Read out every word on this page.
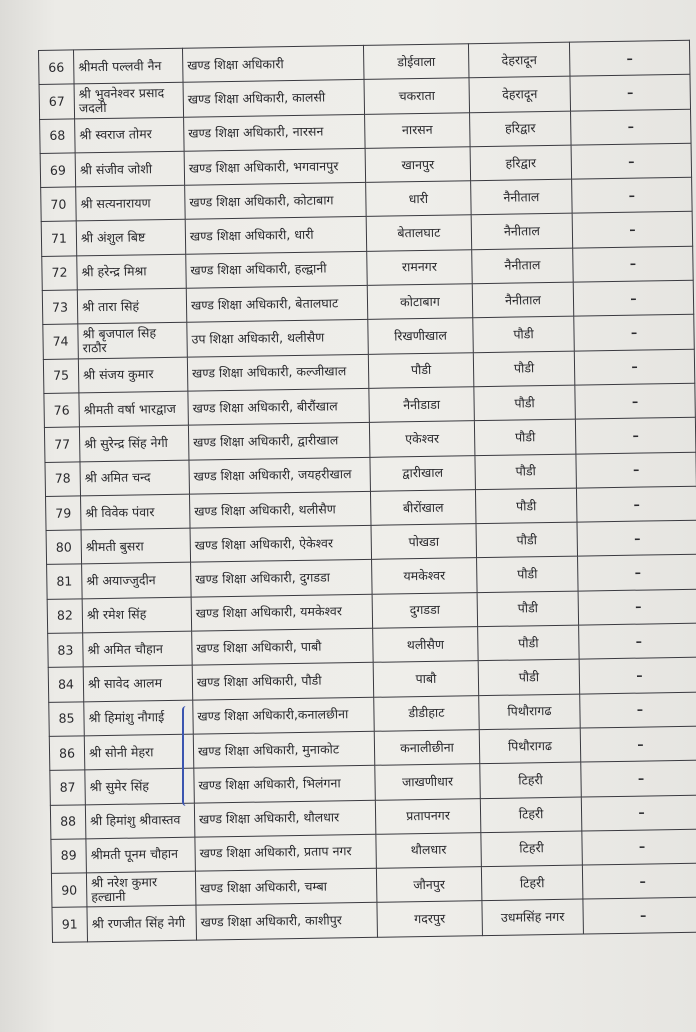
66	श्रीमती पल्लवी नैन	खण्ड शिक्षा अधिकारी	डोईवाला	देहरादून	–
67	श्री भुवनेश्वर प्रसाद जदली	खण्ड शिक्षा अधिकारी, कालसी	चकराता	देहरादून	–
68	श्री स्वराज तोमर	खण्ड शिक्षा अधिकारी, नारसन	नारसन	हरिद्वार	–
69	श्री संजीव जोशी	खण्ड शिक्षा अधिकारी, भगवानपुर	खानपुर	हरिद्वार	–
70	श्री सत्यनारायण	खण्ड शिक्षा अधिकारी, कोटाबाग	धारी	नैनीताल	–
71	श्री अंशुल बिष्ट	खण्ड शिक्षा अधिकारी, धारी	बेतालघाट	नैनीताल	–
72	श्री हरेन्द्र मिश्रा	खण्ड शिक्षा अधिकारी, हल्द्वानी	रामनगर	नैनीताल	–
73	श्री तारा सिहं	खण्ड शिक्षा अधिकारी, बेतालघाट	कोटाबाग	नैनीताल	–
74	श्री बृजपाल सिह राठौर	उप शिक्षा अधिकारी, थलीसैण	रिखणीखाल	पौडी	–
75	श्री संजय कुमार	खण्ड शिक्षा अधिकारी, कल्जीखाल	पौडी	पौडी	–
76	श्रीमती वर्षा भारद्वाज	खण्ड शिक्षा अधिकारी, बीरौंखाल	नैनीडाडा	पौडी	–
77	श्री सुरेन्द्र सिंह नेगी	खण्ड शिक्षा अधिकारी, द्वारीखाल	एकेश्वर	पौडी	–
78	श्री अमित चन्द	खण्ड शिक्षा अधिकारी, जयहरीखाल	द्वारीखाल	पौडी	–
79	श्री विवेक पंवार	खण्ड शिक्षा अधिकारी, थलीसैण	बीरोंखाल	पौडी	–
80	श्रीमती बुसरा	खण्ड शिक्षा अधिकारी, ऐकेश्वर	पोखडा	पौडी	–
81	श्री अयाज्जुदीन	खण्ड शिक्षा अधिकारी, दुगडडा	यमकेश्वर	पौडी	–
82	श्री रमेश सिंह	खण्ड शिक्षा अधिकारी, यमकेश्वर	दुगडडा	पौडी	–
83	श्री अमित चौहान	खण्ड शिक्षा अधिकारी, पाबौ	थलीसैण	पौडी	–
84	श्री सावेद आलम	खण्ड शिक्षा अधिकारी, पौडी	पाबौ	पौडी	–
85	श्री हिमांशु नौगाई	खण्ड शिक्षा अधिकारी,कनालछीना	डीडीहाट	पिथौरागढ	–
86	श्री सोनी मेहरा	खण्ड शिक्षा अधिकारी, मुनाकोट	कनालीछीना	पिथौरागढ	–
87	श्री सुमेर सिंह	खण्ड शिक्षा अधिकारी, भिलंगना	जाखणीधार	टिहरी	–
88	श्री हिमांशु श्रीवास्तव	खण्ड शिक्षा अधिकारी, थौलधार	प्रतापनगर	टिहरी	–
89	श्रीमती पूनम चौहान	खण्ड शिक्षा अधिकारी, प्रताप नगर	थौलधार	टिहरी	–
90	श्री नरेश कुमार हल्द्यानी	खण्ड शिक्षा अधिकारी, चम्बा	जौनपुर	टिहरी	–
91	श्री रणजीत सिंह नेगी	खण्ड शिक्षा अधिकारी, काशीपुर	गदरपुर	उधमसिंह नगर	–
